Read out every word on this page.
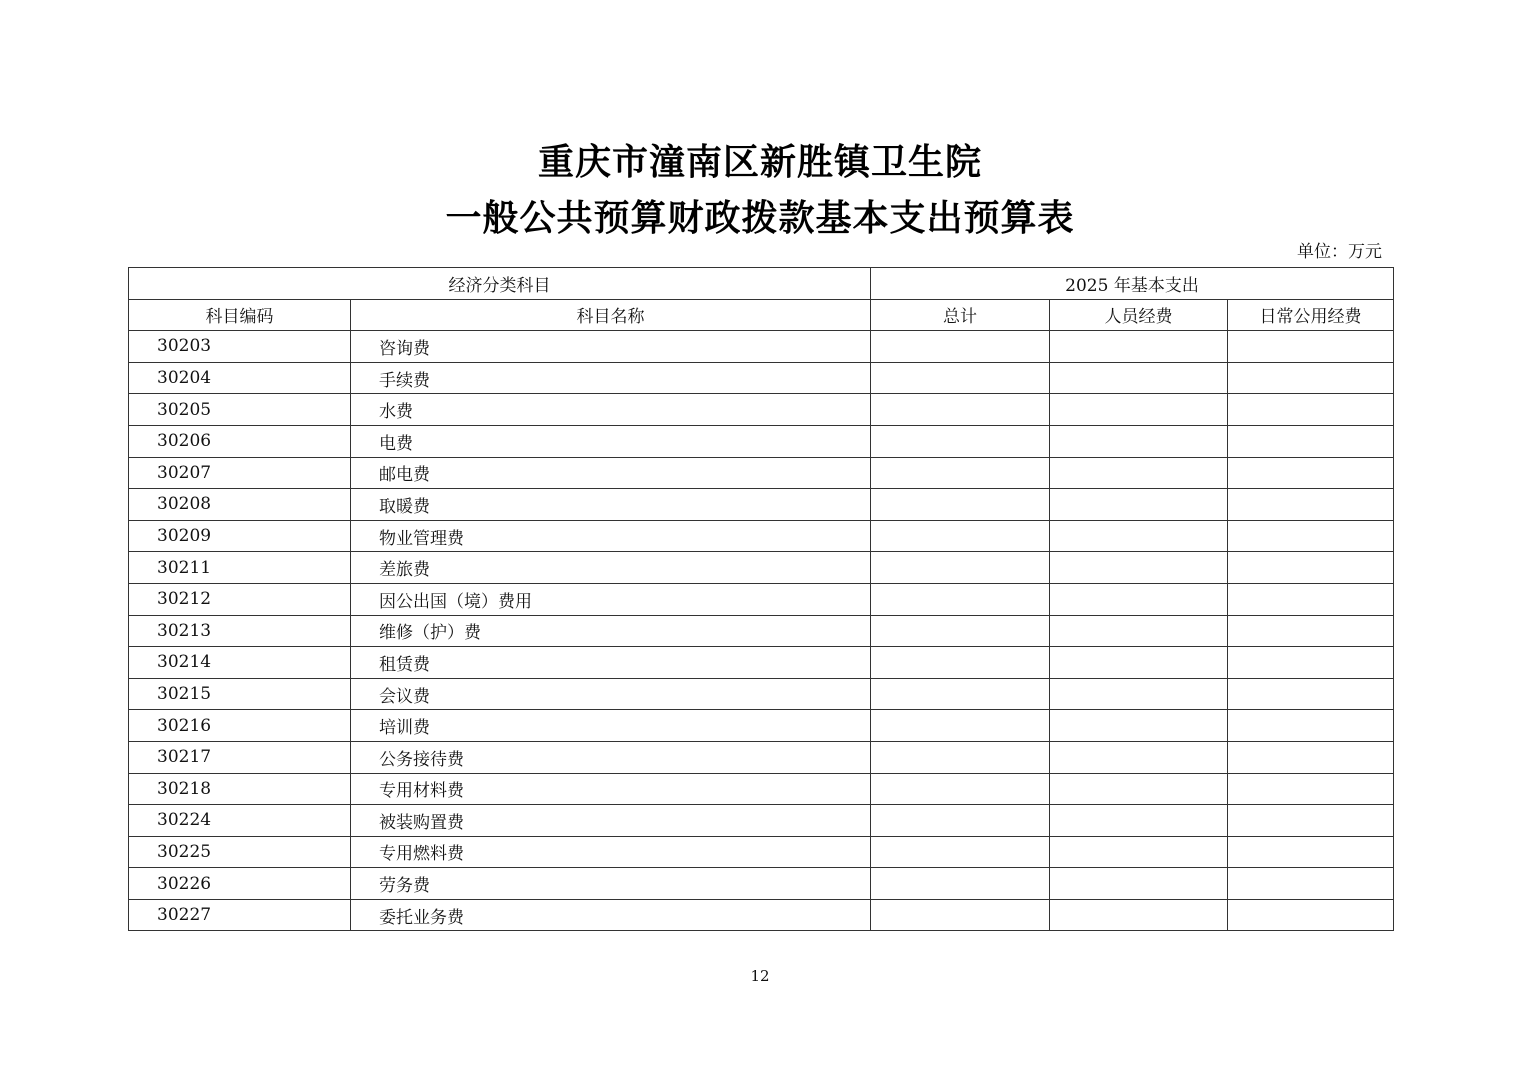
重庆市潼南区新胜镇卫生院
一般公共预算财政拨款基本支出预算表
单位：万元
经济分类科目		2025 年基本支出		
科目编码	科目名称	总计	人员经费	日常公用经费
30203	咨询费			
30204	手续费			
30205	水费			
30206	电费			
30207	邮电费			
30208	取暖费			
30209	物业管理费			
30211	差旅费			
30212	因公出国（境）费用			
30213	维修（护）费			
30214	租赁费			
30215	会议费			
30216	培训费			
30217	公务接待费			
30218	专用材料费			
30224	被装购置费			
30225	专用燃料费			
30226	劳务费			
30227	委托业务费			
12
